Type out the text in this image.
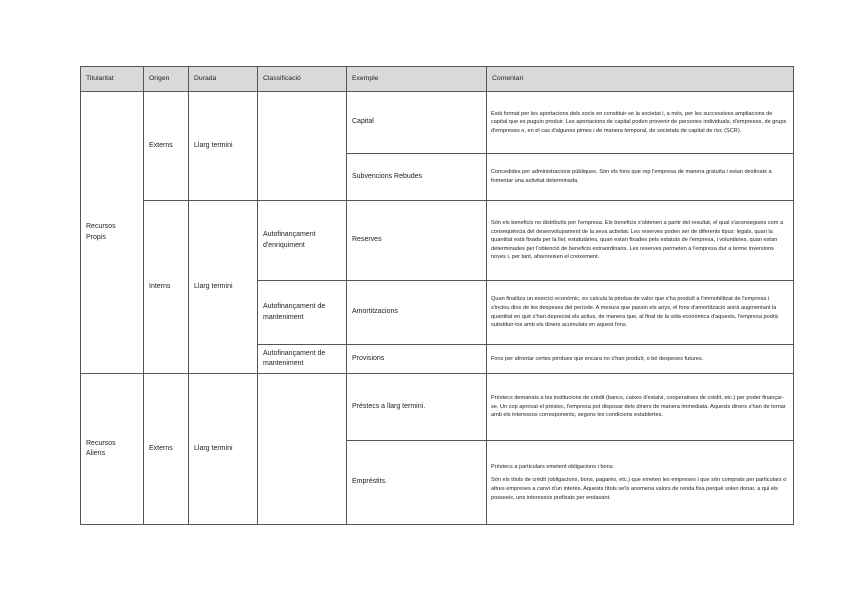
Titularitat	Origen	Durada	Classificació	Exemple	Comentari
Recursos Propis	Externs	Llarg termini		Capital	Està format per les aportacions dels socis en constituir-se la societat i, a més, per les successives ampliacions de capital que es puguin produir. Les aportacions de capital poden provenir de persones individuals, d'empreses, de grups d'empreses o, en el cas d'algunes pimes i de manera temporal, de societats de capital de risc (SCR).
				Subvencions Rebudes	Concedides per administracions públiques. Són els fons que rep l'empresa de manera gratuïta i estan destinats a fomentar una activitat determinada.
	Interns	Llarg termini	Autofinançament d'enriquiment	Reserves	Són els beneficis no distribuïts per l'empresa. Els beneficis s'obtenen a partir del resultat, el qual s'aconsegueix com a conseqüència del desenvolupament de la seva activitat. Les reserves poden ser de diferents tipus: legals, quan la quantitat està fixada per la llei; estatutàries, quan estan fixades pels estatuts de l'empresa, i voluntàries, quan estan determinades per l'obtenció de beneficis extraordinaris. Les reserves permeten a l'empresa dur a terme inversions noves i, per tant, afavoreixen el creixement.
			Autofinançament de manteniment	Amortitzacions	Quan finalitza un exercici econòmic, es calcula la pèrdua de valor que s'ha produït a l'immobilitzat de l'empresa i s'inclou dins de les despeses del període. A mesura que passin els anys, el fons d'amortització anirà augmentant la quantitat en què s'han depreciat els actius, de manera que, al final de la vida econòmica d'aquests, l'empresa podrà substituir-los amb els diners acumulats en aquest fons.
			Autofinançament de manteniment	Provisions	Fons per afrontar certes pèrdues que encara no s'han produït, o bé despeses futures.
Recursos Aliens	Externs	Llarg termini		Préstecs a llarg termini.	Préstecs demanats a les institucions de crèdit (bancs, caixes d'estalvi, cooperatives de crèdit, etc.) per poder finançar-se. Un cop aprovat el préstec, l'empresa pot disposar dels diners de manera immediata. Aquests diners s'han de tornar amb els interessos corresponents, segons les condicions establertes.

				Empréstits.	Préstecs a particulars emetent obligacions i bons.

Són els títols de crèdit (obligacions, bons, pagarés, etc.) que emeten les empreses i que són comprats per particulars o altres empreses a canvi d'un interès. Aquests títols se'ls anomena valors de renda fixa perquè solen donar, a qui els posseeix, uns interessos prefixats per endavant.
